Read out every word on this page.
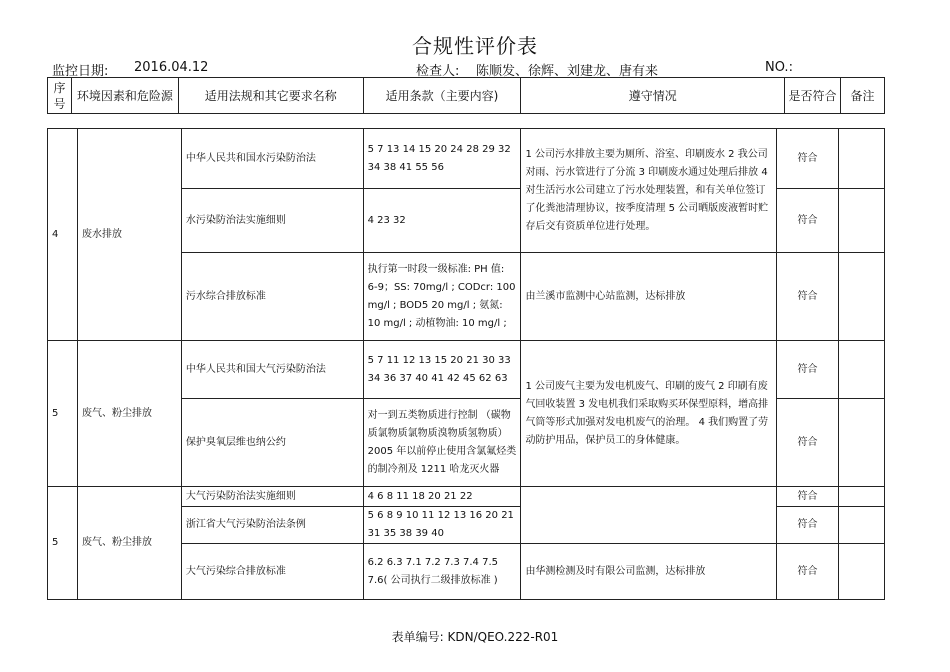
合规性评价表
监控日期: 2016.04.12	检查人: 陈顺发、徐辉、刘建龙、唐有来	NO.:
序号	环境因素和危险源	适用法规和其它要求名称	适用条款（主要内容)	遵守情况	是否符合	备注
4	废水排放	中华人民共和国水污染防治法	5 7 13 14 15 20 24 28 29 32 34 38 41 55 56	1 公司污水排放主要为厕所、浴室、印刷废水 2 我公司对雨、污水管进行了分流 3 印刷废水通过处理后排放 4 对生活污水公司建立了污水处理装置，和有关单位签订了化粪池清理协议，按季度清理 5 公司晒版废液暂时贮存后交有资质单位进行处理。	符合	
		水污染防治法实施细则	4 23 32		符合	
		污水综合排放标准	执行第一时段一级标准: PH 值: 6-9；SS: 70mg/l ; CODcr: 100 mg/l ; BOD5 20 mg/l ; 氨氮: 10 mg/l ; 动植物油: 10 mg/l ;	由兰溪市监测中心站监测，达标排放	符合	
5	废气、粉尘排放	中华人民共和国大气污染防治法	5 7 11 12 13 15 20 21 30 33 34 36 37 40 41 42 45 62 63	1 公司废气主要为发电机废气、印刷的废气 2 印刷有废气回收装置 3 发电机我们采取购买环保型原料，增高排气筒等形式加强对发电机废气的治理。 4 我们购置了劳动防护用品，保护员工的身体健康。	符合	
		保护臭氧层维也纳公约	对一到五类物质进行控制 （碳物质氯物质氯物质溴物质氢物质） 2005 年以前停止使用含氯氟烃类的制冷剂及 1211 哈龙灭火器		符合	
5	废气、粉尘排放	大气污染防治法实施细则	4 6 8 11 18 20 21 22		符合	
		浙江省大气污染防治法条例	5 6 8 9 10 11 12 13 16 20 21 31 35 38 39 40		符合	
		大气污染综合排放标准	6.2 6.3 7.1 7.2 7.3 7.4 7.5 7.6( 公司执行二级排放标准 )	由华测检测及时有限公司监测，达标排放	符合	
表单编号: KDN/QEO.222-R01
